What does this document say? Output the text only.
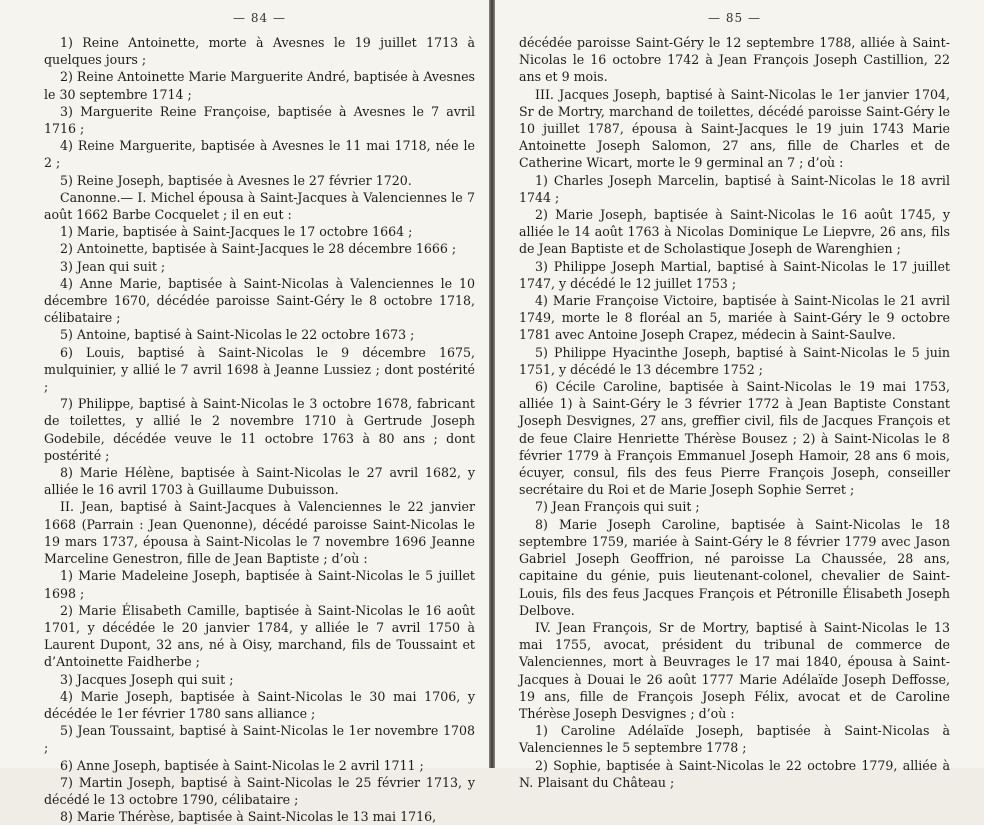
— 84 —

1) Reine Antoinette, morte à Avesnes le 19 juillet 1713 à quelques jours ;

2) Reine Antoinette Marie Marguerite André, baptisée à Avesnes le 30 septembre 1714 ;

3) Marguerite Reine Françoise, baptisée à Avesnes le 7 avril 1716 ;

4) Reine Marguerite, baptisée à Avesnes le 11 mai 1718, née le 2 ;

5) Reine Joseph, baptisée à Avesnes le 27 février 1720.

Canonne.— I. Michel épousa à Saint-Jacques à Valenciennes le 7 août 1662 Barbe Cocquelet ; il en eut :

1) Marie, baptisée à Saint-Jacques le 17 octobre 1664 ;

2) Antoinette, baptisée à Saint-Jacques le 28 décembre 1666 ;

3) Jean qui suit ;

4) Anne Marie, baptisée à Saint-Nicolas à Valenciennes le 10 décembre 1670, décédée paroisse Saint-Géry le 8 octobre 1718, célibataire ;

5) Antoine, baptisé à Saint-Nicolas le 22 octobre 1673 ;

6) Louis, baptisé à Saint-Nicolas le 9 décembre 1675, mulquinier, y allié le 7 avril 1698 à Jeanne Lussiez ; dont postérité ;

7) Philippe, baptisé à Saint-Nicolas le 3 octobre 1678, fabricant de toilettes, y allié le 2 novembre 1710 à Gertrude Joseph Godebile, décédée veuve le 11 octobre 1763 à 80 ans ; dont postérité ;

8) Marie Hélène, baptisée à Saint-Nicolas le 27 avril 1682, y alliée le 16 avril 1703 à Guillaume Dubuisson.

II. Jean, baptisé à Saint-Jacques à Valenciennes le 22 janvier 1668 (Parrain : Jean Quenonne), décédé paroisse Saint-Nicolas le 19 mars 1737, épousa à Saint-Nicolas le 7 novembre 1696 Jeanne Marceline Genestron, fille de Jean Baptiste ; d’où :

1) Marie Madeleine Joseph, baptisée à Saint-Nicolas le 5 juillet 1698 ;

2) Marie Élisabeth Camille, baptisée à Saint-Nicolas le 16 août 1701, y décédée le 20 janvier 1784, y alliée le 7 avril 1750 à Laurent Dupont, 32 ans, né à Oisy, marchand, fils de Toussaint et d’Antoinette Faidherbe ;

3) Jacques Joseph qui suit ;

4) Marie Joseph, baptisée à Saint-Nicolas le 30 mai 1706, y décédée le 1er février 1780 sans alliance ;

5) Jean Toussaint, baptisé à Saint-Nicolas le 1er novembre 1708 ;

6) Anne Joseph, baptisée à Saint-Nicolas le 2 avril 1711 ;

7) Martin Joseph, baptisé à Saint-Nicolas le 25 février 1713, y décédé le 13 octobre 1790, célibataire ;

8) Marie Thérèse, baptisée à Saint-Nicolas le 13 mai 1716,

— 85 —

décédée paroisse Saint-Géry le 12 septembre 1788, alliée à Saint-Nicolas le 16 octobre 1742 à Jean François Joseph Castillion, 22 ans et 9 mois.

III. Jacques Joseph, baptisé à Saint-Nicolas le 1er janvier 1704, Sr de Mortry, marchand de toilettes, décédé paroisse Saint-Géry le 10 juillet 1787, épousa à Saint-Jacques le 19 juin 1743 Marie Antoinette Joseph Salomon, 27 ans, fille de Charles et de Catherine Wicart, morte le 9 germinal an 7 ; d’où :

1) Charles Joseph Marcelin, baptisé à Saint-Nicolas le 18 avril 1744 ;

2) Marie Joseph, baptisée à Saint-Nicolas le 16 août 1745, y alliée le 14 août 1763 à Nicolas Dominique Le Liepvre, 26 ans, fils de Jean Baptiste et de Scholastique Joseph de Warenghien ;

3) Philippe Joseph Martial, baptisé à Saint-Nicolas le 17 juillet 1747, y décédé le 12 juillet 1753 ;

4) Marie Françoise Victoire, baptisée à Saint-Nicolas le 21 avril 1749, morte le 8 floréal an 5, mariée à Saint-Géry le 9 octobre 1781 avec Antoine Joseph Crapez, médecin à Saint-Saulve.

5) Philippe Hyacinthe Joseph, baptisé à Saint-Nicolas le 5 juin 1751, y décédé le 13 décembre 1752 ;

6) Cécile Caroline, baptisée à Saint-Nicolas le 19 mai 1753, alliée 1) à Saint-Géry le 3 février 1772 à Jean Baptiste Constant Joseph Desvignes, 27 ans, greffier civil, fils de Jacques François et de feue Claire Henriette Thérèse Bousez ; 2) à Saint-Nicolas le 8 février 1779 à François Emmanuel Joseph Hamoir, 28 ans 6 mois, écuyer, consul, fils des feus Pierre François Joseph, conseiller secrétaire du Roi et de Marie Joseph Sophie Serret ;

7) Jean François qui suit ;

8) Marie Joseph Caroline, baptisée à Saint-Nicolas le 18 septembre 1759, mariée à Saint-Géry le 8 février 1779 avec Jason Gabriel Joseph Geoffrion, né paroisse La Chaussée, 28 ans, capitaine du génie, puis lieutenant-colonel, chevalier de Saint-Louis, fils des feus Jacques François et Pétronille Élisabeth Joseph Delbove.

IV. Jean François, Sr de Mortry, baptisé à Saint-Nicolas le 13 mai 1755, avocat, président du tribunal de commerce de Valenciennes, mort à Beuvrages le 17 mai 1840, épousa à Saint-Jacques à Douai le 26 août 1777 Marie Adélaïde Joseph Deffosse, 19 ans, fille de François Joseph Félix, avocat et de Caroline Thérèse Joseph Desvignes ; d’où :

1) Caroline Adélaïde Joseph, baptisée à Saint-Nicolas à Valenciennes le 5 septembre 1778 ;

2) Sophie, baptisée à Saint-Nicolas le 22 octobre 1779, alliée à N. Plaisant du Château ;
